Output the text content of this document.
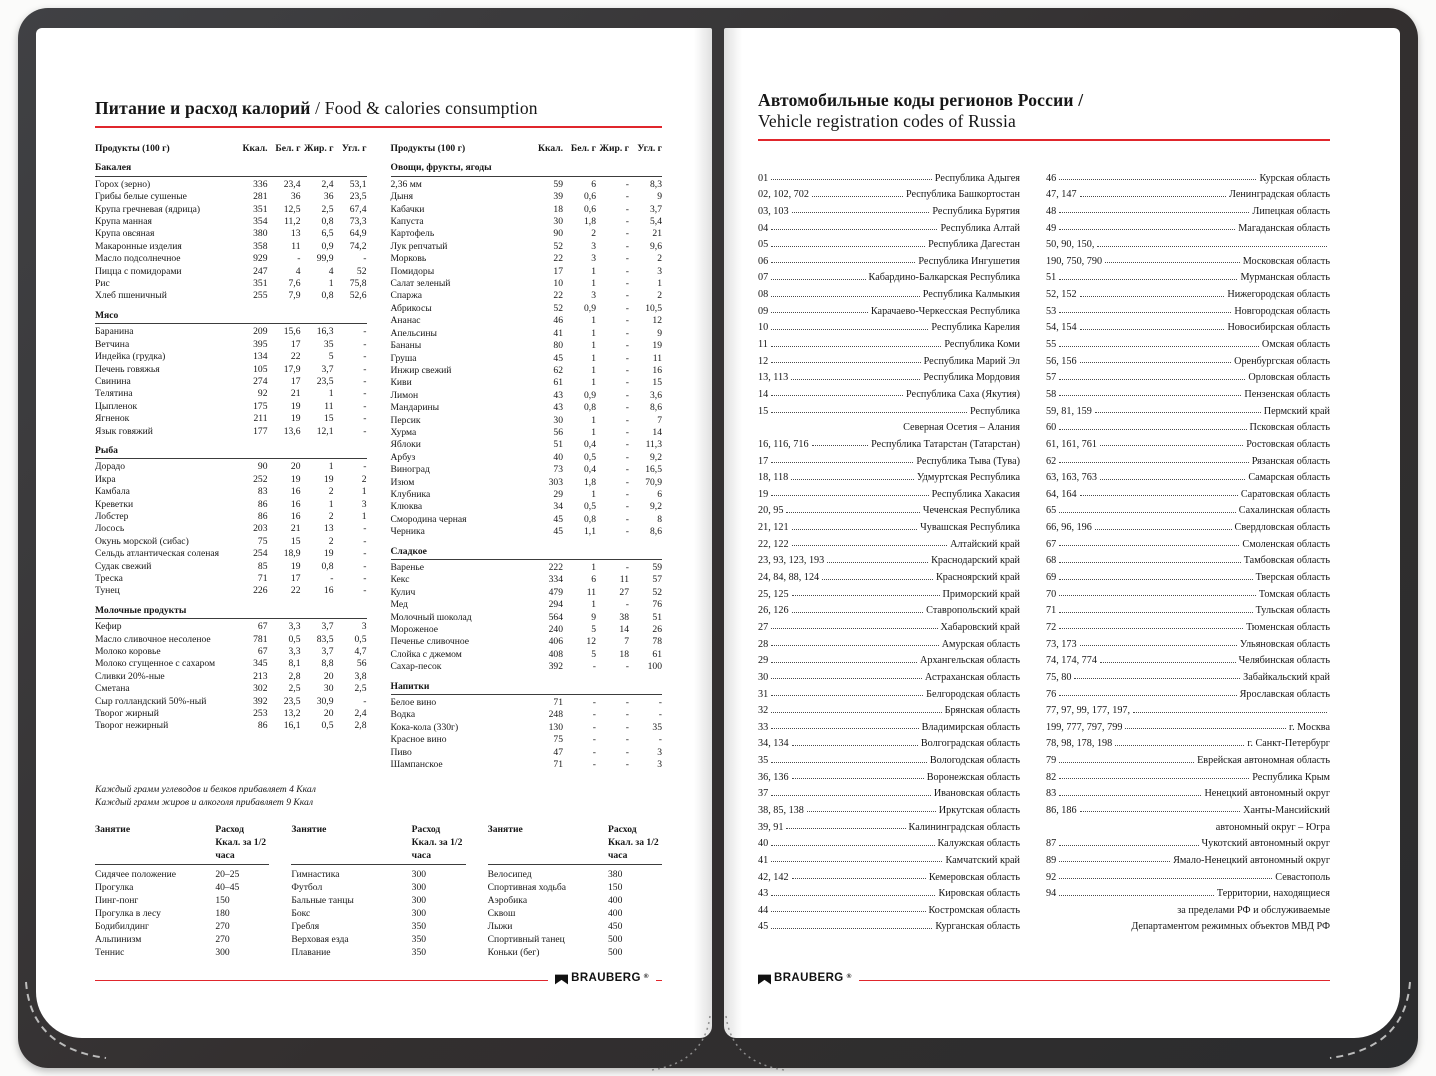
Питание и расход калорий / Food & calories consumption
Продукты (100 г)	Ккал. Бел. г Жир. г Угл. г
Бакалея
Горох (зерно)	336	23,4	2,4	53,1
Грибы белые сушеные	281	36	36	23,5
Крупа гречневая (ядрица)	351	12,5	2,5	67,4
Крупа манная	354	11,2	0,8	73,3
Крупа овсяная	380	13	6,5	64,9
Макаронные изделия	358	11	0,9	74,2
Масло подсолнечное	929	-	99,9	-
Пицца с помидорами	247	4	4	52
Рис	351	7,6	1	75,8
Хлеб пшеничный	255	7,9	0,8	52,6
Мясо
Баранина	209	15,6	16,3	-
Ветчина	395	17	35	-
Индейка (грудка)	134	22	5	-
Печень говяжья	105	17,9	3,7	-
Свинина	274	17	23,5	-
Телятина	92	21	1	-
Цыпленок	175	19	11	-
Ягненок	211	19	15	-
Язык говяжий	177	13,6	12,1	-
Рыба
Дорадо	90	20	1	-
Икра	252	19	19	2
Камбала	83	16	2	1
Креветки	86	16	1	3
Лобстер	86	16	2	1
Лосось	203	21	13	-
Окунь морской (сибас)	75	15	2	-
Сельдь атлантическая соленая	254	18,9	19	-
Судак свежий	85	19	0,8	-
Треска	71	17	-	-
Тунец	226	22	16	-
Молочные продукты
Кефир	67	3,3	3,7	3
Масло сливочное несоленое	781	0,5	83,5	0,5
Молоко коровье	67	3,3	3,7	4,7
Молоко сгущенное с сахаром	345	8,1	8,8	56
Сливки 20%-ные	213	2,8	20	3,8
Сметана	302	2,5	30	2,5
Сыр голландский 50%-ный	392	23,5	30,9	-
Творог жирный	253	13,2	20	2,4
Творог нежирный	86	16,1	0,5	2,8
Продукты (100 г)	Ккал. Бел. г Жир. г Угл. г
Овощи, фрукты, ягоды
2,36 мм	59	6	-	8,3
Дыня	39	0,6	-	9
Кабачки	18	0,6	-	3,7
Капуста	30	1,8	-	5,4
Картофель	90	2	-	21
Лук репчатый	52	3	-	9,6
Морковь	22	3	-	2
Помидоры	17	1	-	3
Салат зеленый	10	1	-	1
Спаржа	22	3	-	2
Абрикосы	52	0,9	-	10,5
Ананас	46	1	-	12
Апельсины	41	1	-	9
Бананы	80	1	-	19
Груша	45	1	-	11
Инжир свежий	62	1	-	16
Киви	61	1	-	15
Лимон	43	0,9	-	3,6
Мандарины	43	0,8	-	8,6
Персик	30	1	-	7
Хурма	56	1	-	14
Яблоки	51	0,4	-	11,3
Арбуз	40	0,5	-	9,2
Виноград	73	0,4	-	16,5
Изюм	303	1,8	-	70,9
Клубника	29	1	-	6
Клюква	34	0,5	-	9,2
Смородина черная	45	0,8	-	8
Черника	45	1,1	-	8,6
Сладкое
Варенье	222	1	-	59
Кекс	334	6	11	57
Кулич	479	11	27	52
Мед	294	1	-	76
Молочный шоколад	564	9	38	51
Мороженое	240	5	14	26
Печенье сливочное	406	12	7	78
Слойка с джемом	408	5	18	61
Сахар-песок	392	-	-	100
Напитки
Белое вино	71	-	-	-
Водка	248	-	-	-
Кока-кола (330г)	130	-	-	35
Красное вино	75	-	-	-
Пиво	47	-	-	3
Шампанское	71	-	-	3
Каждый грамм углеводов и белков прибавляет 4 Ккал
Каждый грамм жиров и алкоголя прибавляет 9 Ккал
Занятие	Расход Ккал. за 1/2 часа
Сидячее положение	20–25
Прогулка	40–45
Пинг-понг	150
Прогулка в лесу	180
Бодибилдинг	270
Альпинизм	270
Теннис	300
Занятие	Расход Ккал. за 1/2 часа
Гимнастика	300
Футбол	300
Бальные танцы	300
Бокс	300
Гребля	350
Верховая езда	350
Плавание	350
Занятие	Расход Ккал. за 1/2 часа
Велосипед	380
Спортивная ходьба	150
Аэробика	400
Сквош	400
Лыжи	450
Спортивный танец	500
Коньки (бег)	500
BRAUBERG ®
Автомобильные коды регионов России /
Vehicle registration codes of Russia
01	Республика Адыгея
02, 102, 702	Республика Башкортостан
03, 103	Республика Бурятия
04	Республика Алтай
05	Республика Дагестан
06	Республика Ингушетия
07	Кабардино-Балкарская Республика
08	Республика Калмыкия
09	Карачаево-Черкесская Республика
10	Республика Карелия
11	Республика Коми
12	Республика Марий Эл
13, 113	Республика Мордовия
14	Республика Саха (Якутия)
15	Республика
Северная Осетия – Алания
16, 116, 716	Республика Татарстан (Татарстан)
17	Республика Тыва (Тува)
18, 118	Удмуртская Республика
19	Республика Хакасия
20, 95	Чеченская Республика
21, 121	Чувашская Республика
22, 122	Алтайский край
23, 93, 123, 193	Краснодарский край
24, 84, 88, 124	Красноярский край
25, 125	Приморский край
26, 126	Ставропольский край
27	Хабаровский край
28	Амурская область
29	Архангельская область
30	Астраханская область
31	Белгородская область
32	Брянская область
33	Владимирская область
34, 134	Волгоградская область
35	Вологодская область
36, 136	Воронежская область
37	Ивановская область
38, 85, 138	Иркутская область
39, 91	Калининградская область
40	Калужская область
41	Камчатский край
42, 142	Кемеровская область
43	Кировская область
44	Костромская область
45	Курганская область
46	Курская область
47, 147	Ленинградская область
48	Липецкая область
49	Магаданская область
50, 90, 150,
190, 750, 790	Московская область
51	Мурманская область
52, 152	Нижегородская область
53	Новгородская область
54, 154	Новосибирская область
55	Омская область
56, 156	Оренбургская область
57	Орловская область
58	Пензенская область
59, 81, 159	Пермский край
60	Псковская область
61, 161, 761	Ростовская область
62	Рязанская область
63, 163, 763	Самарская область
64, 164	Саратовская область
65	Сахалинская область
66, 96, 196	Свердловская область
67	Смоленская область
68	Тамбовская область
69	Тверская область
70	Томская область
71	Тульская область
72	Тюменская область
73, 173	Ульяновская область
74, 174, 774	Челябинская область
75, 80	Забайкальский край
76	Ярославская область
77, 97, 99, 177, 197,
199, 777, 797, 799	г. Москва
78, 98, 178, 198	г. Санкт-Петербург
79	Еврейская автономная область
82	Республика Крым
83	Ненецкий автономный округ
86, 186	Ханты-Мансийский
автономный округ – Югра
87	Чукотский автономный округ
89	Ямало-Ненецкий автономный округ
92	Севастополь
94	Территории, находящиеся
за пределами РФ и обслуживаемые
Департаментом режимных объектов МВД РФ
BRAUBERG ®
